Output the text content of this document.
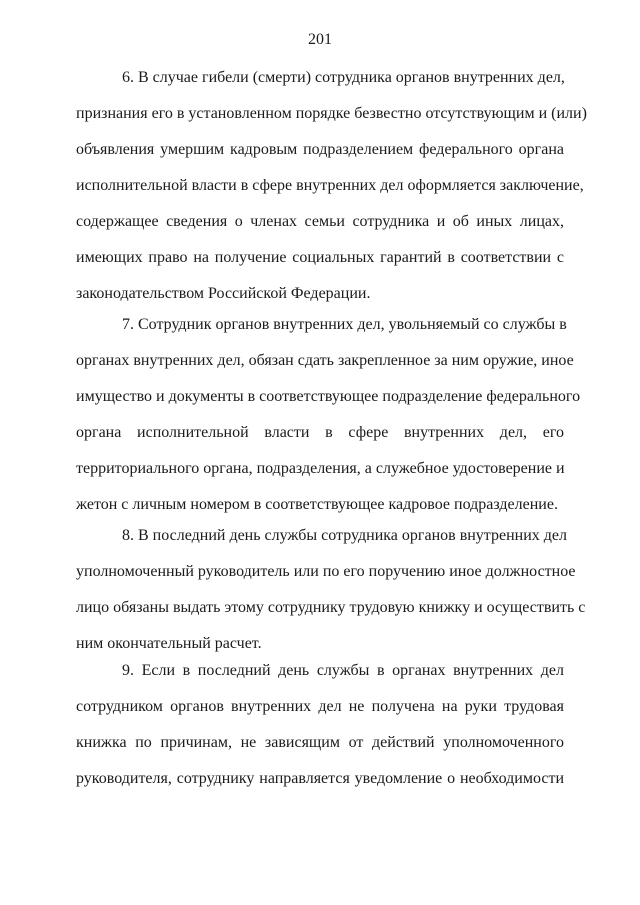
201
6. В случае гибели (смерти) сотрудника органов внутренних дел,
признания его в установленном порядке безвестно отсутствующим и (или)
объявления умершим кадровым подразделением федерального органа
исполнительной власти в сфере внутренних дел оформляется заключение,
содержащее сведения о членах семьи сотрудника и об иных лицах,
имеющих право на получение социальных гарантий в соответствии с
законодательством Российской Федерации.
7. Сотрудник органов внутренних дел, увольняемый со службы в
органах внутренних дел, обязан сдать закрепленное за ним оружие, иное
имущество и документы в соответствующее подразделение федерального
органа исполнительной власти в сфере внутренних дел, его
территориального органа, подразделения, а служебное удостоверение и
жетон с личным номером в соответствующее кадровое подразделение.
8. В последний день службы сотрудника органов внутренних дел
уполномоченный руководитель или по его поручению иное должностное
лицо обязаны выдать этому сотруднику трудовую книжку и осуществить с
ним окончательный расчет.
9. Если в последний день службы в органах внутренних дел
сотрудником органов внутренних дел не получена на руки трудовая
книжка по причинам, не зависящим от действий уполномоченного
руководителя, сотруднику направляется уведомление о необходимости
